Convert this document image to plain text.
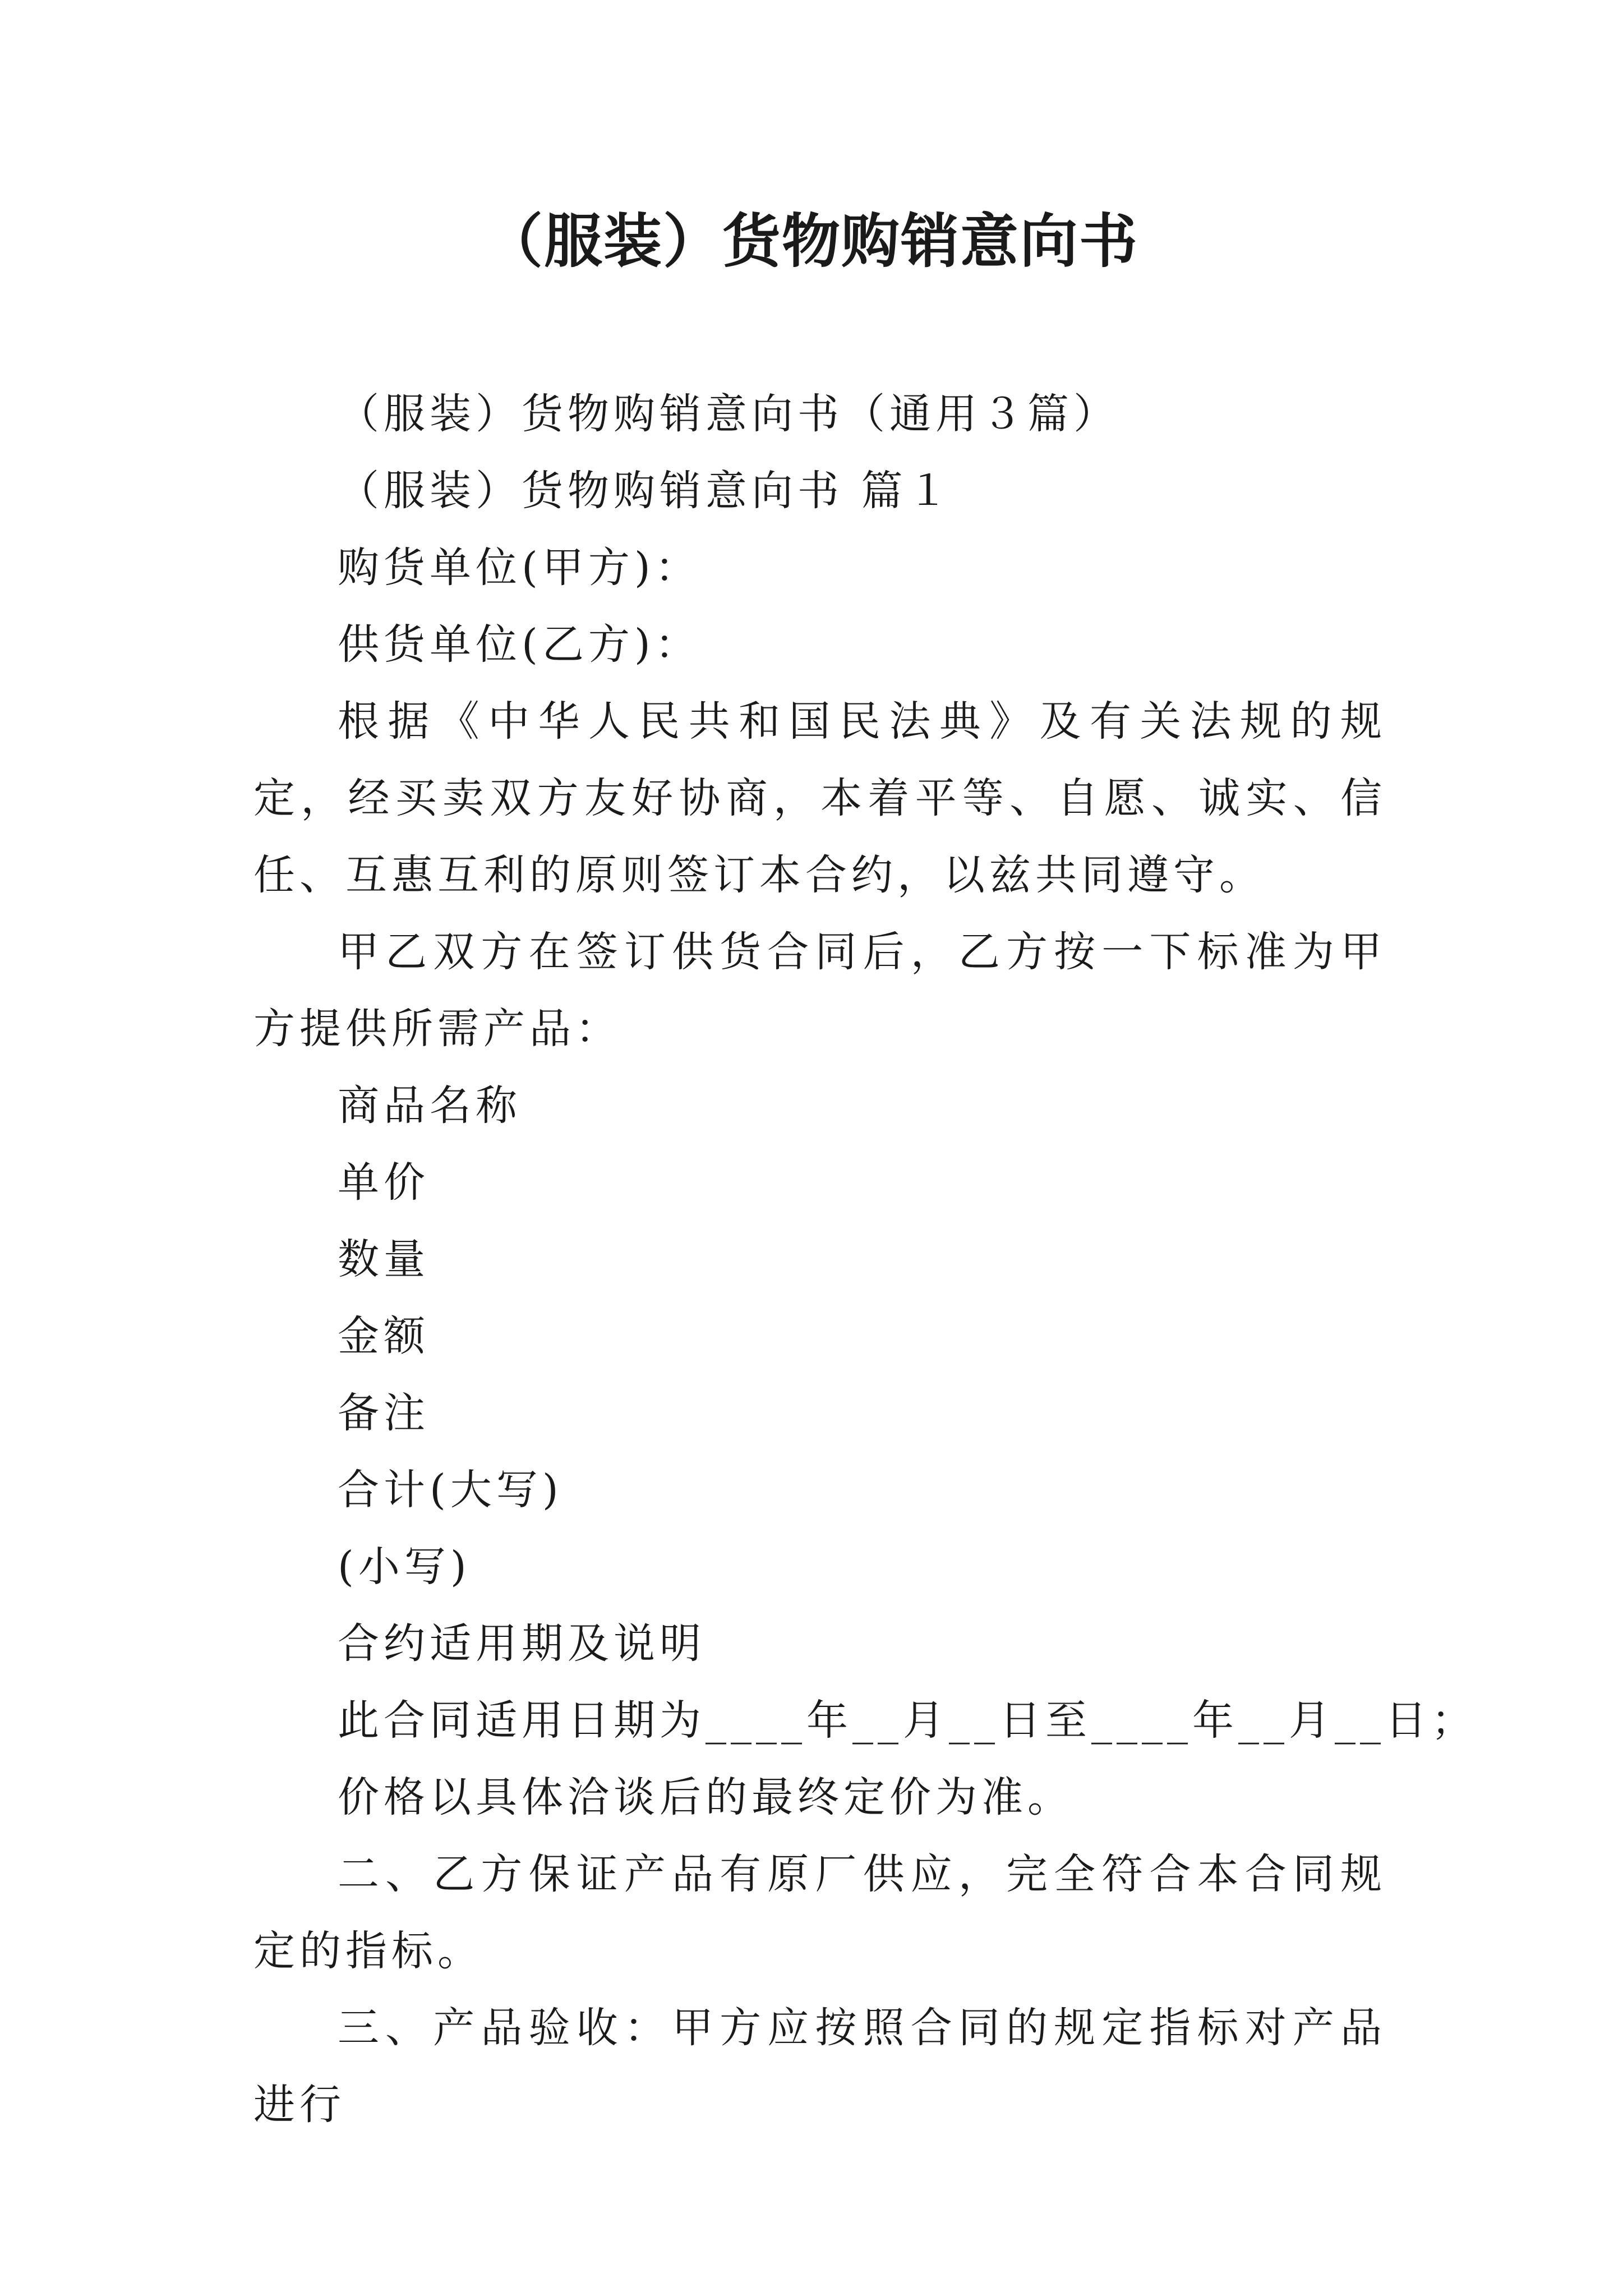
（服装）货物购销意向书

（服装）货物购销意向书（通用３篇）

（服装）货物购销意向书 篇１

购货单位(甲方)：

供货单位(乙方)：

根据《中华人民共和国民法典》及有关法规的规定，经买卖双方友好协商，本着平等、自愿、诚实、信任、互惠互利的原则签订本合约，以兹共同遵守。

甲乙双方在签订供货合同后，乙方按一下标准为甲方提供所需产品：

商品名称

单价

数量

金额

备注

合计(大写)

(小写)

合约适用期及说明

此合同适用日期为____年__月__日至____年__月__日；

价格以具体洽谈后的最终定价为准。

二、乙方保证产品有原厂供应，完全符合本合同规定的指标。

三、产品验收：甲方应按照合同的规定指标对产品进行
